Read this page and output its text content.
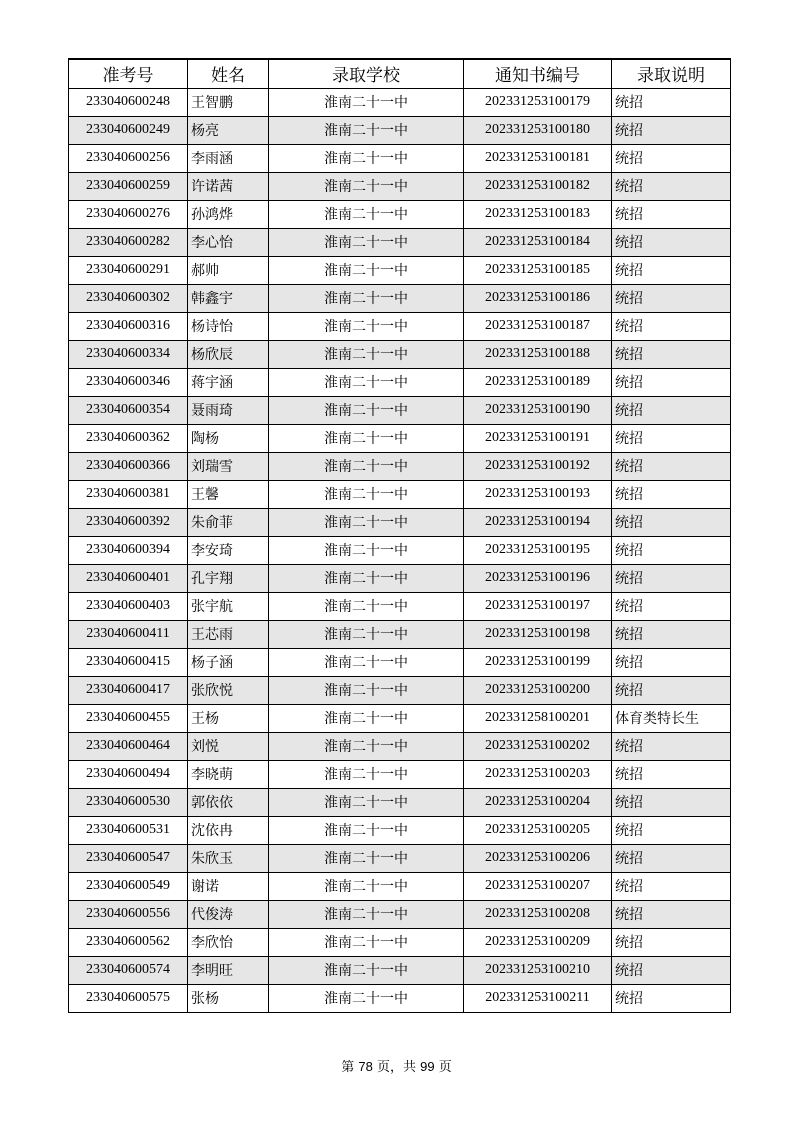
准考号	姓名	录取学校	通知书编号	录取说明
233040600248	王智鹏	淮南二十一中	202331253100179	统招
233040600249	杨亮	淮南二十一中	202331253100180	统招
233040600256	李雨涵	淮南二十一中	202331253100181	统招
233040600259	许诺茜	淮南二十一中	202331253100182	统招
233040600276	孙鸿烨	淮南二十一中	202331253100183	统招
233040600282	李心怡	淮南二十一中	202331253100184	统招
233040600291	郝帅	淮南二十一中	202331253100185	统招
233040600302	韩鑫宇	淮南二十一中	202331253100186	统招
233040600316	杨诗怡	淮南二十一中	202331253100187	统招
233040600334	杨欣辰	淮南二十一中	202331253100188	统招
233040600346	蒋宇涵	淮南二十一中	202331253100189	统招
233040600354	聂雨琦	淮南二十一中	202331253100190	统招
233040600362	陶杨	淮南二十一中	202331253100191	统招
233040600366	刘瑞雪	淮南二十一中	202331253100192	统招
233040600381	王馨	淮南二十一中	202331253100193	统招
233040600392	朱俞菲	淮南二十一中	202331253100194	统招
233040600394	李安琦	淮南二十一中	202331253100195	统招
233040600401	孔宇翔	淮南二十一中	202331253100196	统招
233040600403	张宇航	淮南二十一中	202331253100197	统招
233040600411	王芯雨	淮南二十一中	202331253100198	统招
233040600415	杨子涵	淮南二十一中	202331253100199	统招
233040600417	张欣悦	淮南二十一中	202331253100200	统招
233040600455	王杨	淮南二十一中	202331258100201	体育类特长生
233040600464	刘悦	淮南二十一中	202331253100202	统招
233040600494	李晓萌	淮南二十一中	202331253100203	统招
233040600530	郭依依	淮南二十一中	202331253100204	统招
233040600531	沈依冉	淮南二十一中	202331253100205	统招
233040600547	朱欣玉	淮南二十一中	202331253100206	统招
233040600549	谢诺	淮南二十一中	202331253100207	统招
233040600556	代俊涛	淮南二十一中	202331253100208	统招
233040600562	李欣怡	淮南二十一中	202331253100209	统招
233040600574	李明旺	淮南二十一中	202331253100210	统招
233040600575	张杨	淮南二十一中	202331253100211	统招
第 78 页，共 99 页
